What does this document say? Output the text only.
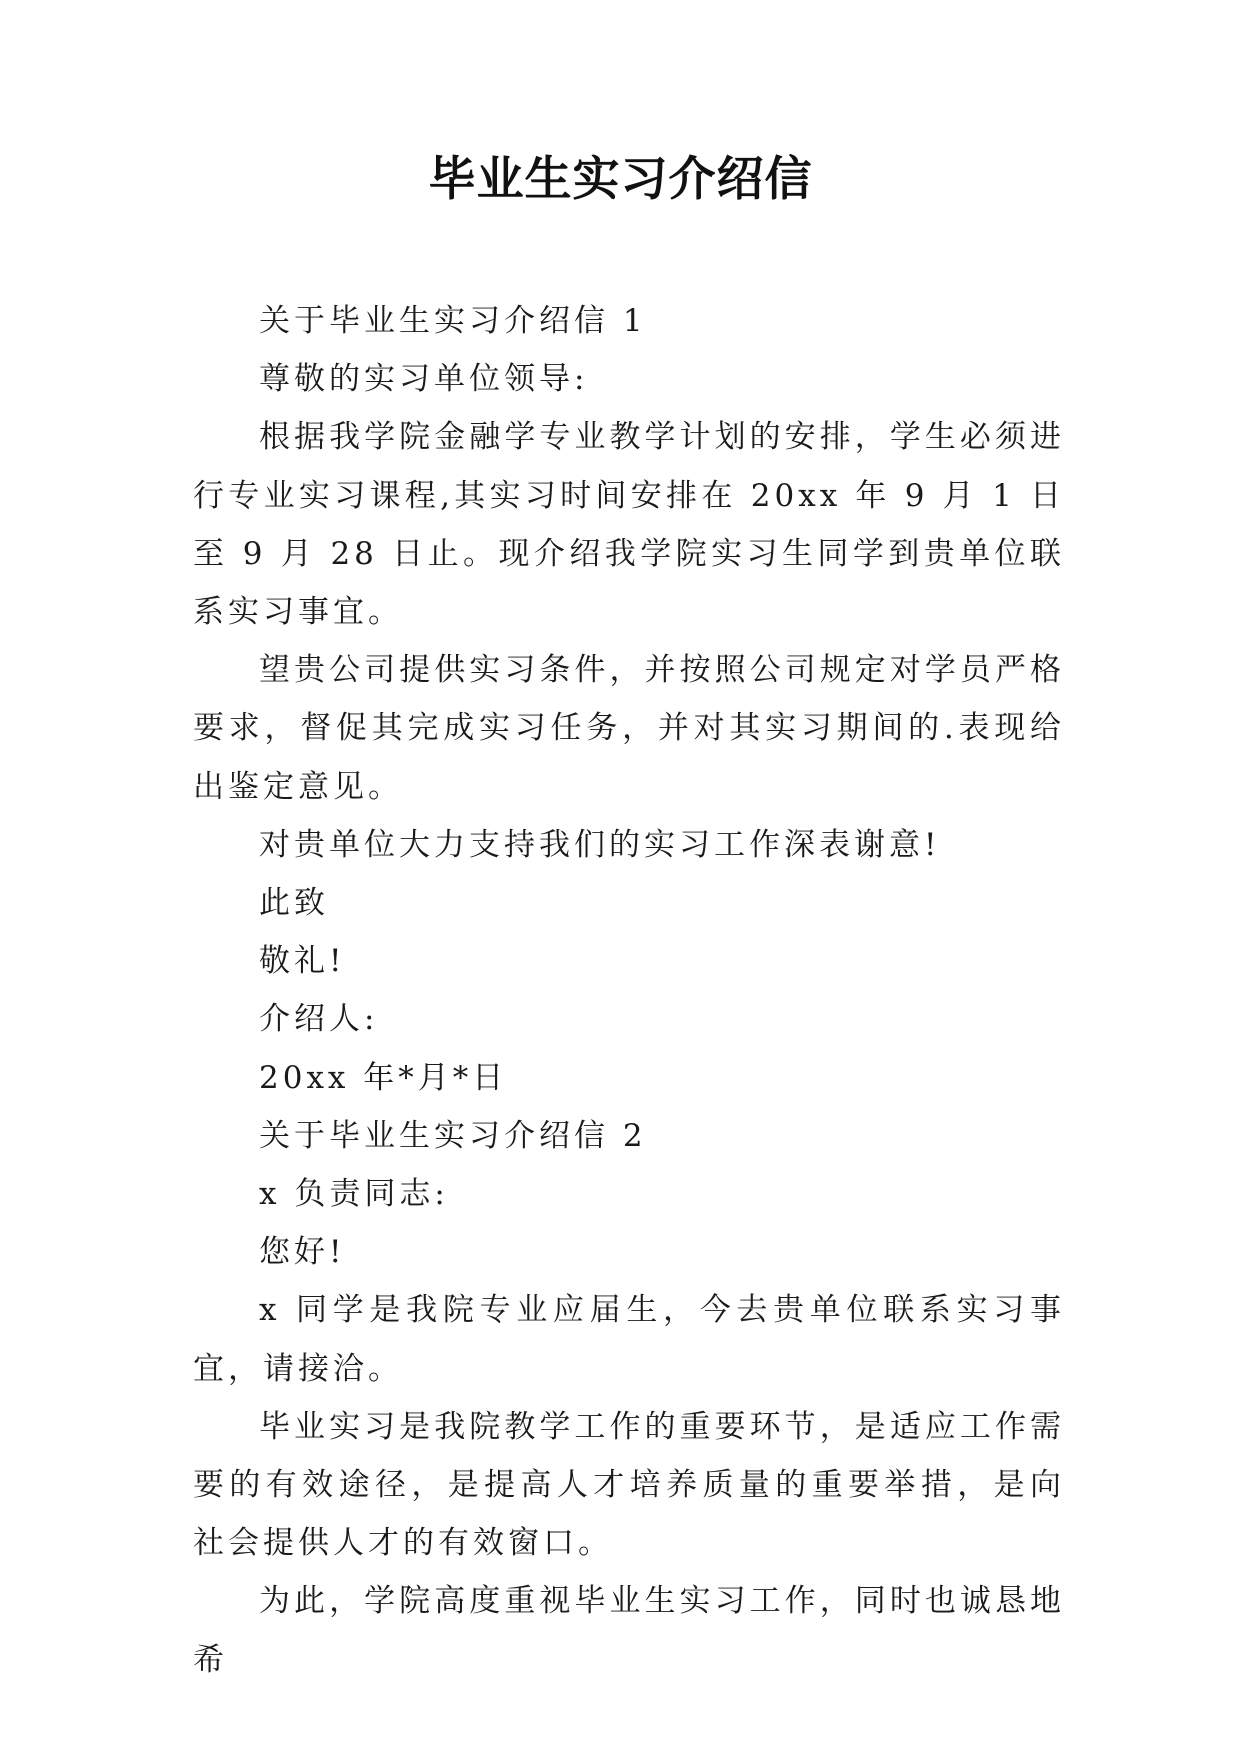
毕业生实习介绍信

关于毕业生实习介绍信 1

尊敬的实习单位领导:

根据我学院金融学专业教学计划的安排，学生必须进行专业实习课程,其实习时间安排在 20xx 年 9 月 1 日至 9 月 28 日止。现介绍我学院实习生同学到贵单位联系实习事宜。

望贵公司提供实习条件，并按照公司规定对学员严格要求，督促其完成实习任务，并对其实习期间的.表现给出鉴定意见。

对贵单位大力支持我们的实习工作深表谢意!

此致

敬礼!

介绍人:

20xx 年*月*日

关于毕业生实习介绍信 2

x 负责同志:

您好!

x 同学是我院专业应届生，今去贵单位联系实习事宜，请接洽。

毕业实习是我院教学工作的重要环节，是适应工作需要的有效途径，是提高人才培养质量的重要举措，是向社会提供人才的有效窗口。

为此，学院高度重视毕业生实习工作，同时也诚恳地希
